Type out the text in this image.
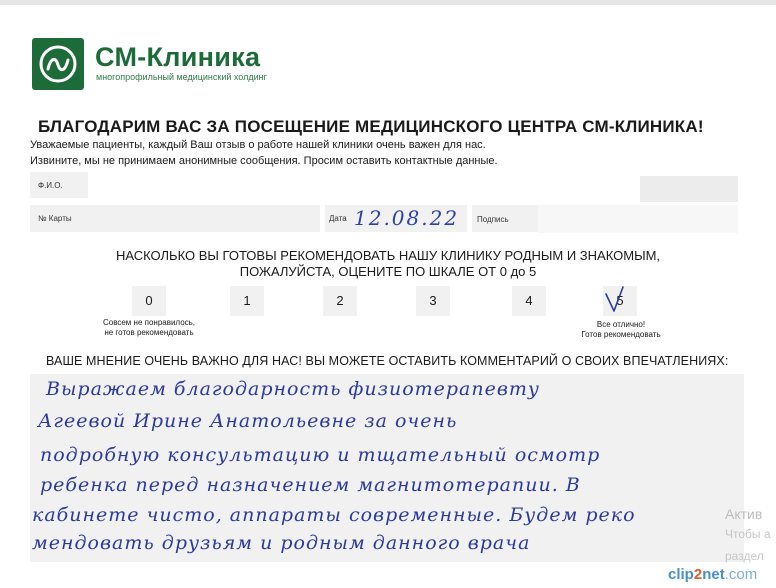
СМ-Клиника
многопрофильный медицинский холдинг
БЛАГОДАРИМ ВАС ЗА ПОСЕЩЕНИЕ МЕДИЦИНСКОГО ЦЕНТРА СМ-КЛИНИКА!
Уважаемые пациенты, каждый Ваш отзыв о работе нашей клиники очень важен для нас.
Извините, мы не принимаем анонимные сообщения. Просим оставить контактные данные.
Ф.И.О.
№ Карты	Дата 12.08.22 Подпись
НАСКОЛЬКО ВЫ ГОТОВЫ РЕКОМЕНДОВАТЬ НАШУ КЛИНИКУ РОДНЫМ И ЗНАКОМЫМ,
ПОЖАЛУЙСТА, ОЦЕНИТЕ ПО ШКАЛЕ ОТ 0 до 5
0	1	2	3	4	5
Совсем не понравилось,
не готов рекомендовать
Все отлично!
Готов рекомендовать
ВАШЕ МНЕНИЕ ОЧЕНЬ ВАЖНО ДЛЯ НАС! ВЫ МОЖЕТЕ ОСТАВИТЬ КОММЕНТАРИЙ О СВОИХ ВПЕЧАТЛЕНИЯХ:
Выражаем благодарность физиотерапевту
Агеевой Ирине Анатольевне за очень
подробную консультацию и тщательный осмотр
ребенка перед назначением магнитотерапии. В
кабинете чисто, аппараты современные. Будем реко
мендовать друзьям и родным данного врача
Актив
Чтобы а
раздел
clip2net.com
